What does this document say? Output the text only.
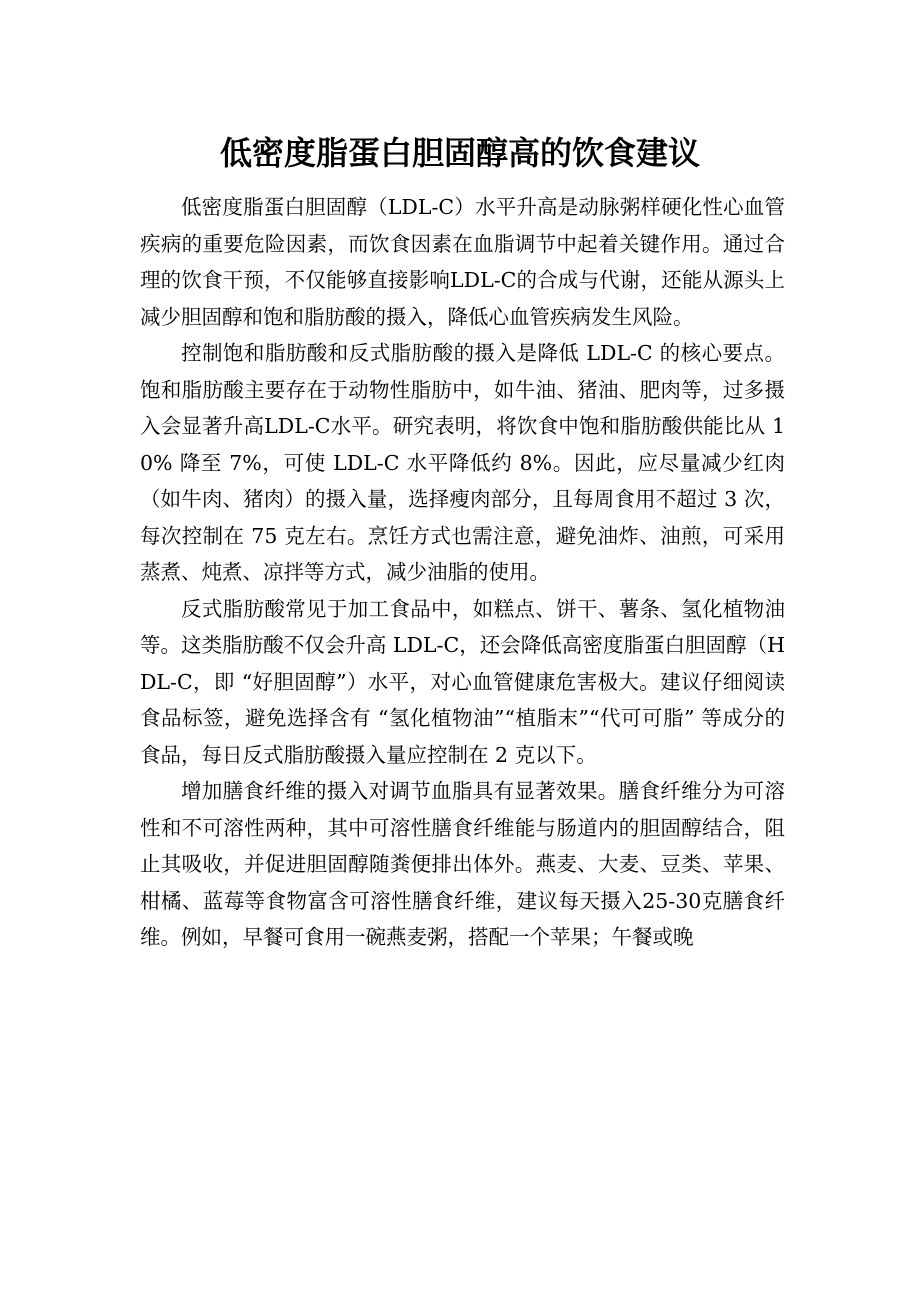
低密度脂蛋白胆固醇高的饮食建议

低密度脂蛋白胆固醇（LDL-C）水平升高是动脉粥样硬化性心血管疾病的重要危险因素，而饮食因素在血脂调节中起着关键作用。通过合理的饮食干预，不仅能够直接影响LDL-C的合成与代谢，还能从源头上减少胆固醇和饱和脂肪酸的摄入，降低心血管疾病发生风险。

控制饱和脂肪酸和反式脂肪酸的摄入是降低 LDL-C 的核心要点。饱和脂肪酸主要存在于动物性脂肪中，如牛油、猪油、肥肉等，过多摄入会显著升高LDL-C水平。研究表明，将饮食中饱和脂肪酸供能比从 10% 降至 7%，可使 LDL-C 水平降低约 8%。因此，应尽量减少红肉（如牛肉、猪肉）的摄入量，选择瘦肉部分，且每周食用不超过 3 次，每次控制在 75 克左右。烹饪方式也需注意，避免油炸、油煎，可采用蒸煮、炖煮、凉拌等方式，减少油脂的使用。

反式脂肪酸常见于加工食品中，如糕点、饼干、薯条、氢化植物油等。这类脂肪酸不仅会升高 LDL-C，还会降低高密度脂蛋白胆固醇（HDL-C，即 “好胆固醇”）水平，对心血管健康危害极大。建议仔细阅读食品标签，避免选择含有 “氢化植物油”“植脂末”“代可可脂” 等成分的食品，每日反式脂肪酸摄入量应控制在 2 克以下。

增加膳食纤维的摄入对调节血脂具有显著效果。膳食纤维分为可溶性和不可溶性两种，其中可溶性膳食纤维能与肠道内的胆固醇结合，阻止其吸收，并促进胆固醇随粪便排出体外。燕麦、大麦、豆类、苹果、柑橘、蓝莓等食物富含可溶性膳食纤维，建议每天摄入25-30克膳食纤维。例如，早餐可食用一碗燕麦粥，搭配一个苹果；午餐或晚
